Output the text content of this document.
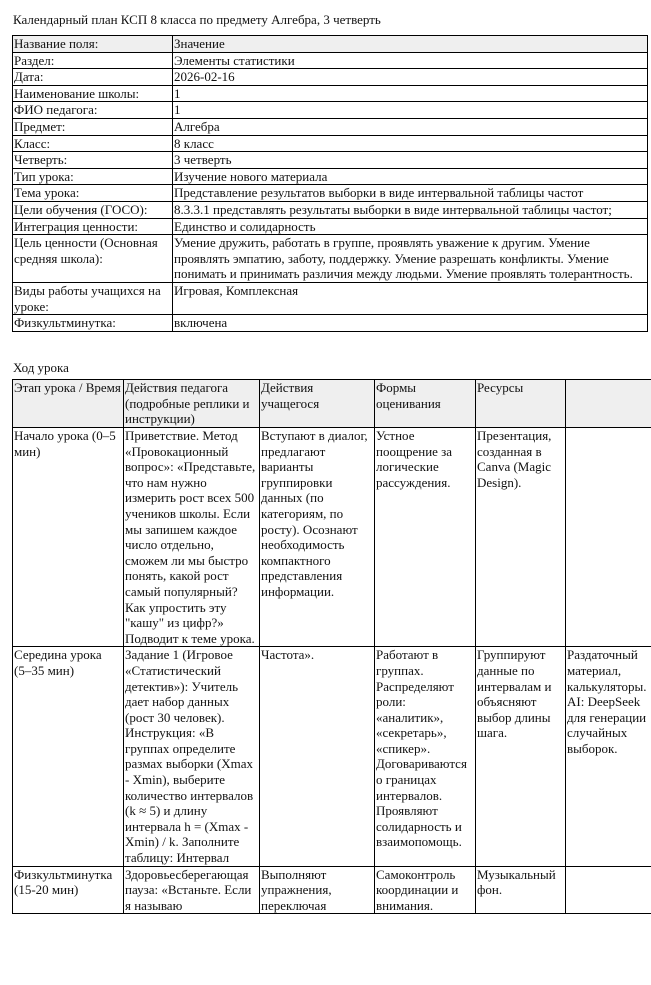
Календарный план КСП 8 класса по предмету Алгебра, 3 четверть
Название поля:	Значение
Раздел:	Элементы статистики
Дата:	2026-02-16
Наименование школы:	1
ФИО педагога:	1
Предмет:	Алгебра
Класс:	8 класс
Четверть:	3 четверть
Тип урока:	Изучение нового материала
Тема урока:	Представление результатов выборки в виде интервальной таблицы частот
Цели обучения (ГОСО):	8.3.3.1 представлять результаты выборки в виде интервальной таблицы частот;
Интеграция ценности:	Единство и солидарность
Цель ценности (Основная средняя школа):	Умение дружить, работать в группе, проявлять уважение к другим. Умение проявлять эмпатию, заботу, поддержку. Умение разрешать конфликты. Умение понимать и принимать различия между людьми. Умение проявлять толерантность.
Виды работы учащихся на уроке:	Игровая, Комплексная
Физкультминутка:	включена
Ход урока
Этап урока / Время	Действия педагога (подробные реплики и инструкции)	Действия учащегося	Формы оценивания	Ресурсы	
Начало урока (0–5 мин)	Приветствие. Метод «Провокационный вопрос»: «Представьте, что нам нужно измерить рост всех 500 учеников школы. Если мы запишем каждое число отдельно, сможем ли мы быстро понять, какой рост самый популярный? Как упростить эту "кашу" из цифр?» Подводит к теме урока.	Вступают в диалог, предлагают варианты группировки данных (по категориям, по росту). Осознают необходимость компактного представления информации.	Устное поощрение за логические рассуждения.	Презентация, созданная в Canva (Magic Design).	
Середина урока (5–35 мин)	Задание 1 (Игровое «Статистический детектив»): Учитель дает набор данных (рост 30 человек). Инструкция: «В группах определите размах выборки (Xmax - Xmin), выберите количество интервалов (k ≈ 5) и длину интервала h = (Xmax - Xmin) / k. Заполните таблицу: Интервал	Частота».	Работают в группах. Распределяют роли: «аналитик», «секретарь», «спикер». Договариваются о границах интервалов. Проявляют солидарность и взаимопомощь.	Группируют данные по интервалам и объясняют выбор длины шага.	Раздаточный материал, калькуляторы. AI: DeepSeek для генерации случайных выборок.
Физкультминутка (15-20 мин)	Здоровьесберегающая пауза: «Встаньте. Если я называю	Выполняют упражнения, переключая	Самоконтроль координации и внимания.	Музыкальный фон.	
